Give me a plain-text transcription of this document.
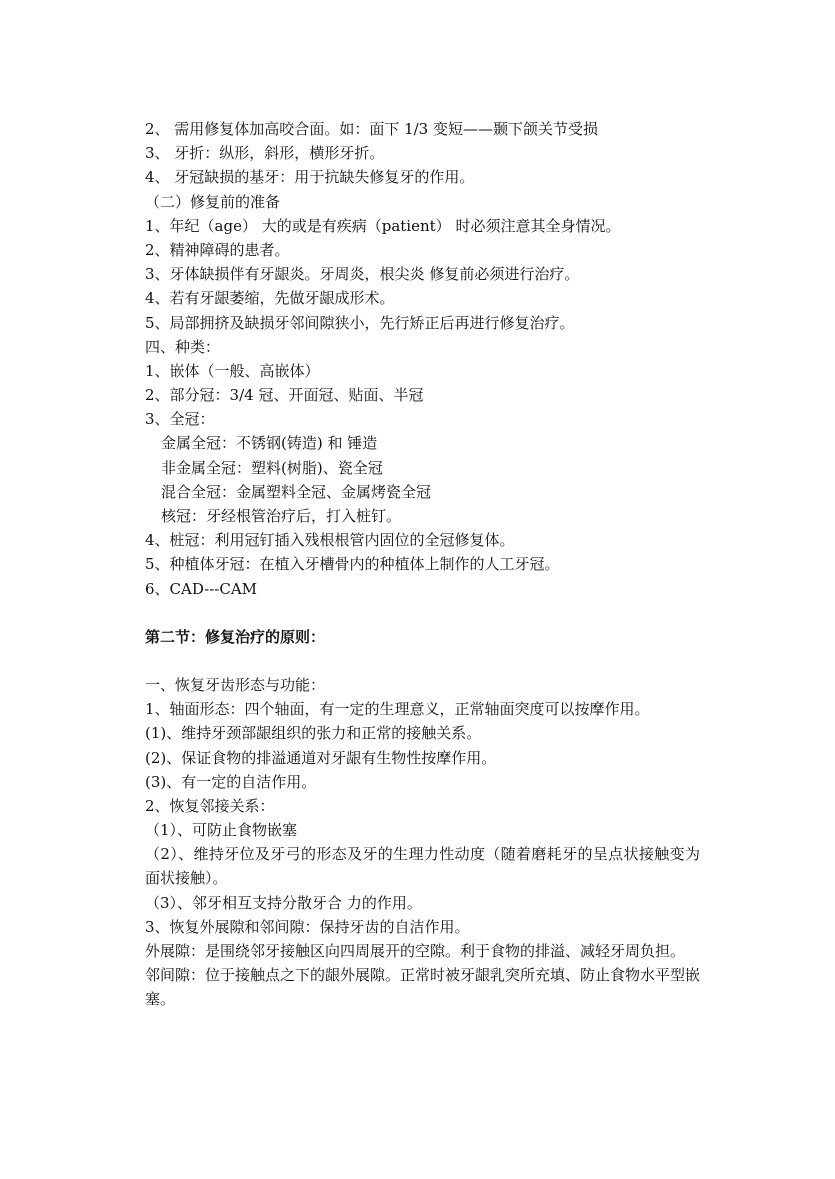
2、 需用修复体加高咬合面。如：面下 1/3 变短——颞下颌关节受损
3、 牙折：纵形，斜形，横形牙折。
4、 牙冠缺损的基牙：用于抗缺失修复牙的作用。
（二）修复前的准备
1、年纪（age） 大的或是有疾病（patient） 时必须注意其全身情况。
2、精神障碍的患者。
3、牙体缺损伴有牙龈炎。牙周炎，根尖炎 修复前必须进行治疗。
4、若有牙龈萎缩，先做牙龈成形术。
5、局部拥挤及缺损牙邻间隙狭小，先行矫正后再进行修复治疗。
四、种类：
1、嵌体（一般、高嵌体）
2、部分冠：3/4 冠、开面冠、贴面、半冠
3、全冠：
金属全冠：不锈钢(铸造) 和 锤造
非金属全冠：塑料(树脂)、瓷全冠
混合全冠：金属塑料全冠、金属烤瓷全冠
核冠：牙经根管治疗后，打入桩钉。
4、桩冠：利用冠钉插入残根根管内固位的全冠修复体。
5、种植体牙冠：在植入牙槽骨内的种植体上制作的人工牙冠。
6、CAD---CAM
第二节：修复治疗的原则：
一、恢复牙齿形态与功能：
1、轴面形态：四个轴面，有一定的生理意义，正常轴面突度可以按摩作用。
(1)、维持牙颈部龈组织的张力和正常的接触关系。
(2)、保证食物的排溢通道对牙龈有生物性按摩作用。
(3)、有一定的自洁作用。
2、恢复邻接关系：
（1）、可防止食物嵌塞
（2）、维持牙位及牙弓的形态及牙的生理力性动度（随着磨耗牙的呈点状接触变为面状接触）。
（3）、邻牙相互支持分散牙合 力的作用。
3、恢复外展隙和邻间隙：保持牙齿的自洁作用。
外展隙：是围绕邻牙接触区向四周展开的空隙。利于食物的排溢、减轻牙周负担。
邻间隙：位于接触点之下的龈外展隙。正常时被牙龈乳突所充填、防止食物水平型嵌塞。
